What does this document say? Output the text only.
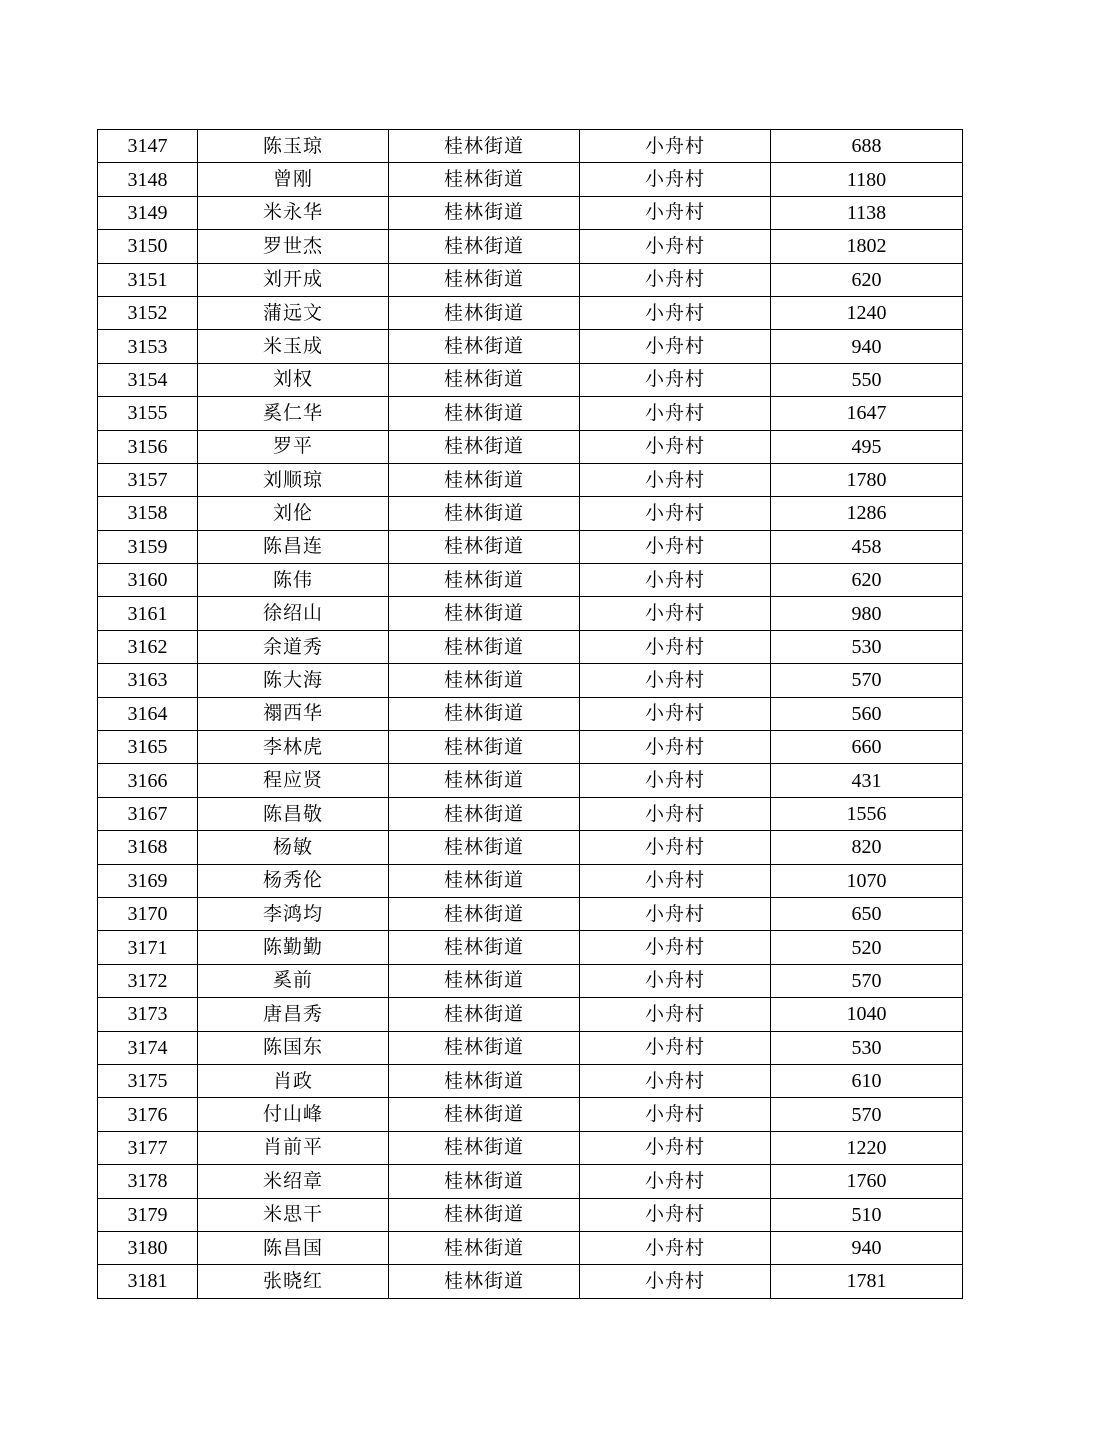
3147	陈玉琼	桂林街道	小舟村	688
3148	曾刚	桂林街道	小舟村	1180
3149	米永华	桂林街道	小舟村	1138
3150	罗世杰	桂林街道	小舟村	1802
3151	刘开成	桂林街道	小舟村	620
3152	蒲远文	桂林街道	小舟村	1240
3153	米玉成	桂林街道	小舟村	940
3154	刘权	桂林街道	小舟村	550
3155	奚仁华	桂林街道	小舟村	1647
3156	罗平	桂林街道	小舟村	495
3157	刘顺琼	桂林街道	小舟村	1780
3158	刘伦	桂林街道	小舟村	1286
3159	陈昌连	桂林街道	小舟村	458
3160	陈伟	桂林街道	小舟村	620
3161	徐绍山	桂林街道	小舟村	980
3162	余道秀	桂林街道	小舟村	530
3163	陈大海	桂林街道	小舟村	570
3164	禤西华	桂林街道	小舟村	560
3165	李林虎	桂林街道	小舟村	660
3166	程应贤	桂林街道	小舟村	431
3167	陈昌敬	桂林街道	小舟村	1556
3168	杨敏	桂林街道	小舟村	820
3169	杨秀伦	桂林街道	小舟村	1070
3170	李鸿均	桂林街道	小舟村	650
3171	陈勤勤	桂林街道	小舟村	520
3172	奚前	桂林街道	小舟村	570
3173	唐昌秀	桂林街道	小舟村	1040
3174	陈国东	桂林街道	小舟村	530
3175	肖政	桂林街道	小舟村	610
3176	付山峰	桂林街道	小舟村	570
3177	肖前平	桂林街道	小舟村	1220
3178	米绍章	桂林街道	小舟村	1760
3179	米思干	桂林街道	小舟村	510
3180	陈昌国	桂林街道	小舟村	940
3181	张晓红	桂林街道	小舟村	1781
